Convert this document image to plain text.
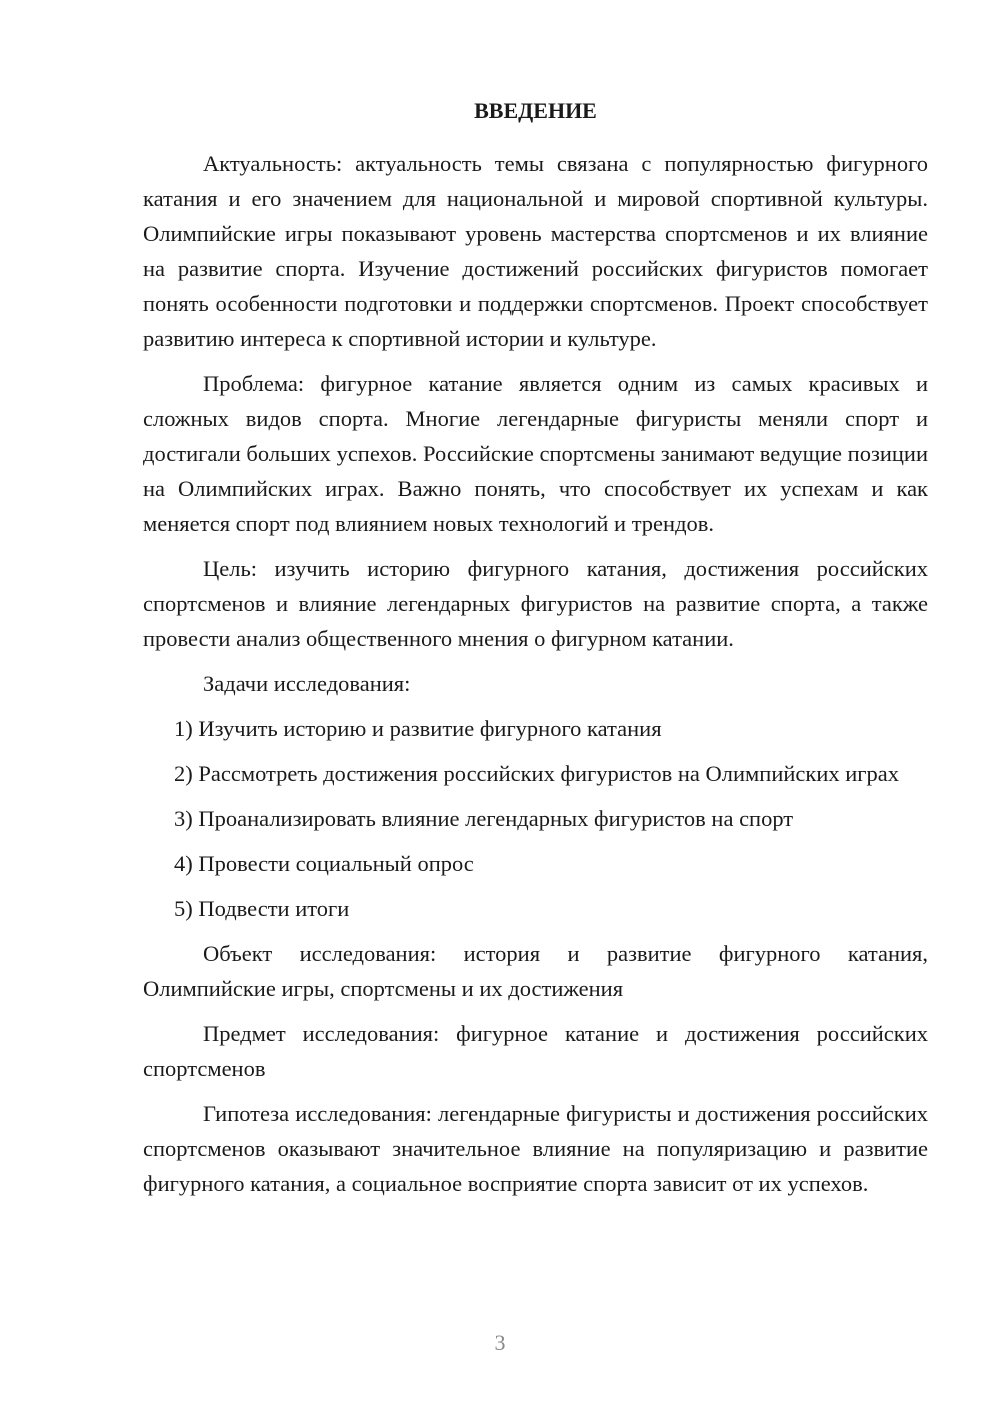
ВВЕДЕНИЕ

Актуальность: актуальность темы связана с популярностью фигурного катания и его значением для национальной и мировой спортивной культуры. Олимпийские игры показывают уровень мастерства спортсменов и их влияние на развитие спорта. Изучение достижений российских фигуристов помогает понять особенности подготовки и поддержки спортсменов. Проект способствует развитию интереса к спортивной истории и культуре.

Проблема: фигурное катание является одним из самых красивых и сложных видов спорта. Многие легендарные фигуристы меняли спорт и достигали больших успехов. Российские спортсмены занимают ведущие позиции на Олимпийских играх. Важно понять, что способствует их успехам и как меняется спорт под влиянием новых технологий и трендов.

Цель: изучить историю фигурного катания, достижения российских спортсменов и влияние легендарных фигуристов на развитие спорта, а также провести анализ общественного мнения о фигурном катании.

Задачи исследования:

1) Изучить историю и развитие фигурного катания

2) Рассмотреть достижения российских фигуристов на Олимпийских играх

3) Проанализировать влияние легендарных фигуристов на спорт

4) Провести социальный опрос

5) Подвести итоги

Объект исследования: история и развитие фигурного катания, Олимпийские игры, спортсмены и их достижения

Предмет исследования: фигурное катание и достижения российских спортсменов

Гипотеза исследования: легендарные фигуристы и достижения российских спортсменов оказывают значительное влияние на популяризацию и развитие фигурного катания, а социальное восприятие спорта зависит от их успехов.

3
